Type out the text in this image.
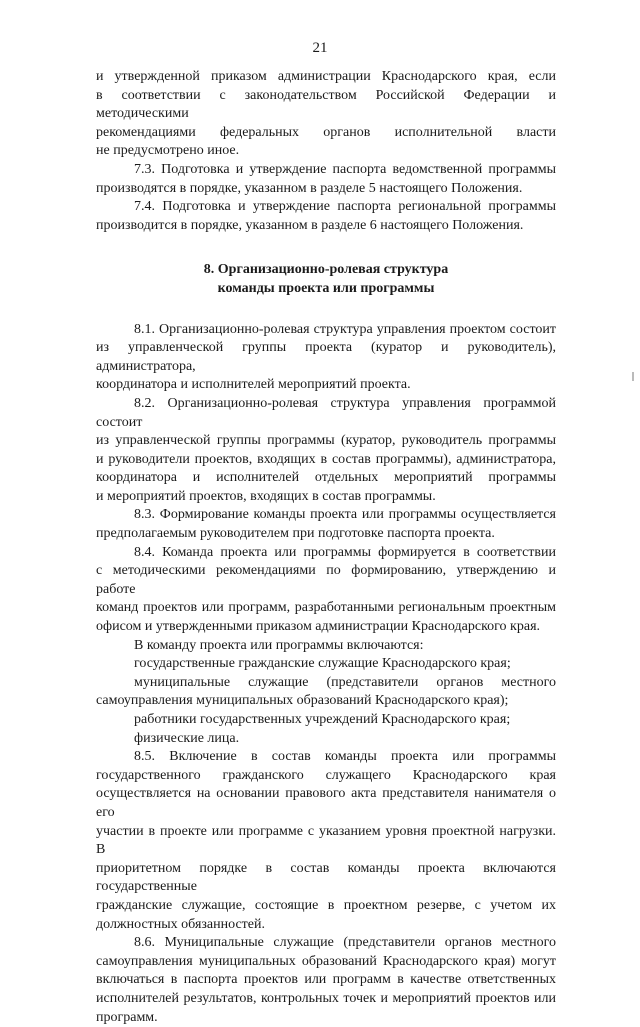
21

и утвержденной приказом администрации Краснодарского края, если

в соответствии с законодательством Российской Федерации и методическими

рекомендациями федеральных органов исполнительной власти

не предусмотрено иное.

7.3. Подготовка и утверждение паспорта ведомственной программы

производятся в порядке, указанном в разделе 5 настоящего Положения.

7.4. Подготовка и утверждение паспорта региональной программы

производится в порядке, указанном в разделе 6 настоящего Положения.

8. Организационно-ролевая структура
команды проекта или программы

8.1. Организационно-ролевая структура управления проектом состоит

из управленческой группы проекта (куратор и руководитель), администратора,

координатора и исполнителей мероприятий проекта.

8.2. Организационно-ролевая структура управления программой состоит

из управленческой группы программы (куратор, руководитель программы

и руководители проектов, входящих в состав программы), администратора,

координатора и исполнителей отдельных мероприятий программы

и мероприятий проектов, входящих в состав программы.

8.3. Формирование команды проекта или программы осуществляется

предполагаемым руководителем при подготовке паспорта проекта.

8.4. Команда проекта или программы формируется в соответствии

с методическими рекомендациями по формированию, утверждению и работе

команд проектов или программ, разработанными региональным проектным

офисом и утвержденными приказом администрации Краснодарского края.

В команду проекта или программы включаются:

государственные гражданские служащие Краснодарского края;

муниципальные служащие (представители органов местного

самоуправления муниципальных образований Краснодарского края);

работники государственных учреждений Краснодарского края;

физические лица.

8.5. Включение в состав команды проекта или программы

государственного гражданского служащего Краснодарского края

осуществляется на основании правового акта представителя нанимателя о его

участии в проекте или программе с указанием уровня проектной нагрузки. В

приоритетном порядке в состав команды проекта включаются государственные

гражданские служащие, состоящие в проектном резерве, с учетом их

должностных обязанностей.

8.6. Муниципальные служащие (представители органов местного

самоуправления муниципальных образований Краснодарского края) могут

включаться в паспорта проектов или программ в качестве ответственных

исполнителей результатов, контрольных точек и мероприятий проектов или

программ.
